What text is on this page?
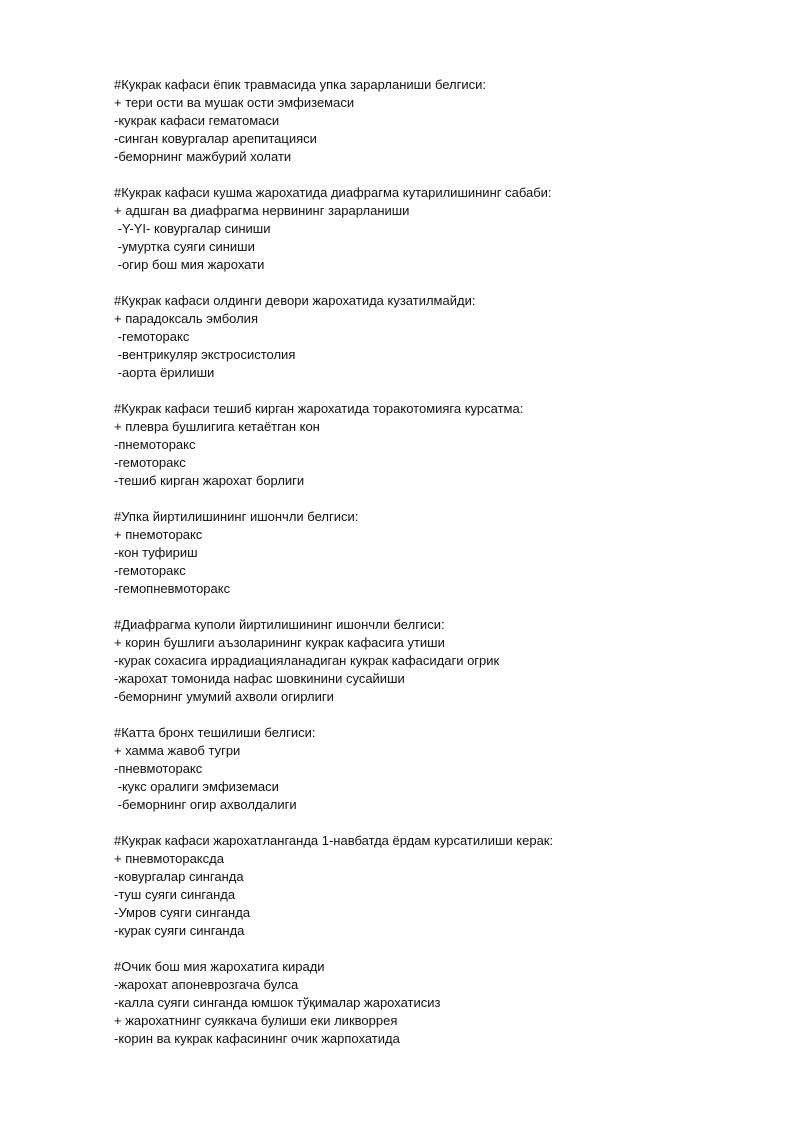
#Кукрак кафаси ёпик травмасида упка зарарланиши белгиси:
+ тери ости ва мушак ости эмфиземаси
-кукрак кафаси гематомаси
-синган ковургалар арепитацияси
-беморнинг мажбурий холати
#Кукрак кафаси кушма жарохатида диафрагма кутарилишининг сабаби:
+ адшган ва диафрагма нервининг зарарланиши
-Y-YI- ковургалар синиши
-умуртка суяги синиши
-огир бош мия жарохати
#Кукрак кафаси олдинги девори жарохатида кузатилмайди:
+ парадоксаль эмболия
-гемоторакс
-вентрикуляр экстросистолия
-аорта ёрилиши
#Кукрак кафаси тешиб кирган жарохатида торакотомияга курсатма:
+ плевра бушлигига кетаётган кон
-пнемоторакс
-гемоторакс
-тешиб кирган жарохат борлиги
#Упка йиртилишининг ишончли белгиси:
+ пнемоторакс
-кон туфириш
-гемоторакс
-гемопневмоторакс
#Диафрагма куполи йиртилишининг ишончли белгиси:
+ корин бушлиги аъзоларининг кукрак кафасига утиши
-курак сохасига иррадиацияланадиган кукрак кафасидаги огрик
-жарохат томонида нафас шовкинини сусайиши
-беморнинг умумий ахволи огирлиги
#Катта бронх тешилиши белгиси:
+ хамма жавоб тугри
-пневмоторакс
-кукс оралиги эмфиземаси
-беморнинг огир ахволдалиги
#Кукрак кафаси жарохатланганда 1-навбатда ёрдам курсатилиши керак:
+ пневмотораксда
-ковургалар синганда
-туш суяги синганда
-Умров суяги синганда
-курак суяги синганда
#Очик бош мия жарохатига киради
-жарохат апоневрозгача булса
-калла суяги синганда юмшок тўқималар жарохатисиз
+ жарохатнинг суяккача булиши еки ликворрея
-корин ва кукрак кафасининг очик жарпохатида
